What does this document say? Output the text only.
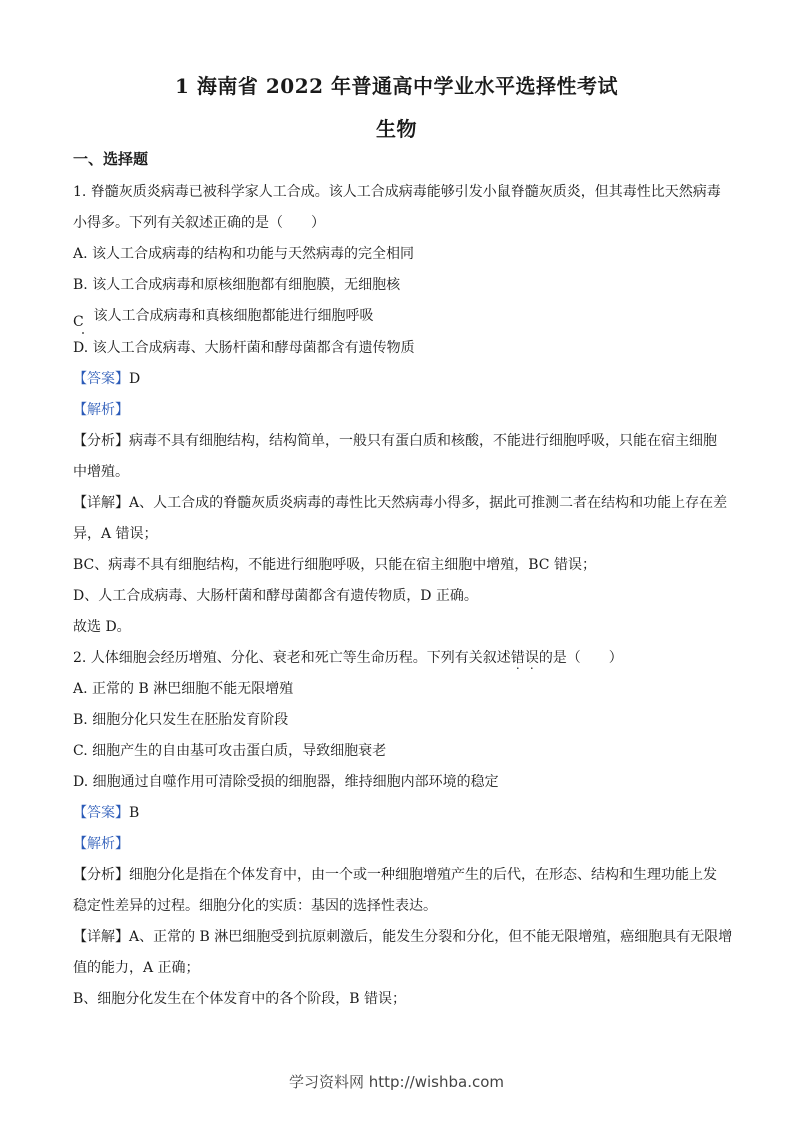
1 海南省 2022 年普通高中学业水平选择性考试
生物

一、选择题

1. 脊髓灰质炎病毒已被科学家人工合成。该人工合成病毒能够引发小鼠脊髓灰质炎，但其毒性比天然病毒

小得多。下列有关叙述正确的是（　　）

A. 该人工合成病毒的结构和功能与天然病毒的完全相同

B. 该人工合成病毒和原核细胞都有细胞膜，无细胞核

C 该人工合成病毒和真核细胞都能进行细胞呼吸

D. 该人工合成病毒、大肠杆菌和酵母菌都含有遗传物质

【答案】D

【解析】

【分析】病毒不具有细胞结构，结构简单，一般只有蛋白质和核酸，不能进行细胞呼吸，只能在宿主细胞

中增殖。

【详解】A、人工合成的脊髓灰质炎病毒的毒性比天然病毒小得多，据此可推测二者在结构和功能上存在差

异，A 错误；

BC、病毒不具有细胞结构，不能进行细胞呼吸，只能在宿主细胞中增殖，BC 错误；

D、人工合成病毒、大肠杆菌和酵母菌都含有遗传物质，D 正确。

故选 D。

2. 人体细胞会经历增殖、分化、衰老和死亡等生命历程。下列有关叙述错误的是（　　）

A. 正常的 B 淋巴细胞不能无限增殖

B. 细胞分化只发生在胚胎发育阶段

C. 细胞产生的自由基可攻击蛋白质，导致细胞衰老

D. 细胞通过自噬作用可清除受损的细胞器，维持细胞内部环境的稳定

【答案】B

【解析】

【分析】细胞分化是指在个体发育中，由一个或一种细胞增殖产生的后代，在形态、结构和生理功能上发

稳定性差异的过程。细胞分化的实质：基因的选择性表达。

【详解】A、正常的 B 淋巴细胞受到抗原刺激后，能发生分裂和分化，但不能无限增殖，癌细胞具有无限增

值的能力，A 正确；

B、细胞分化发生在个体发育中的各个阶段，B 错误；

学习资料网 http://wishba.com
